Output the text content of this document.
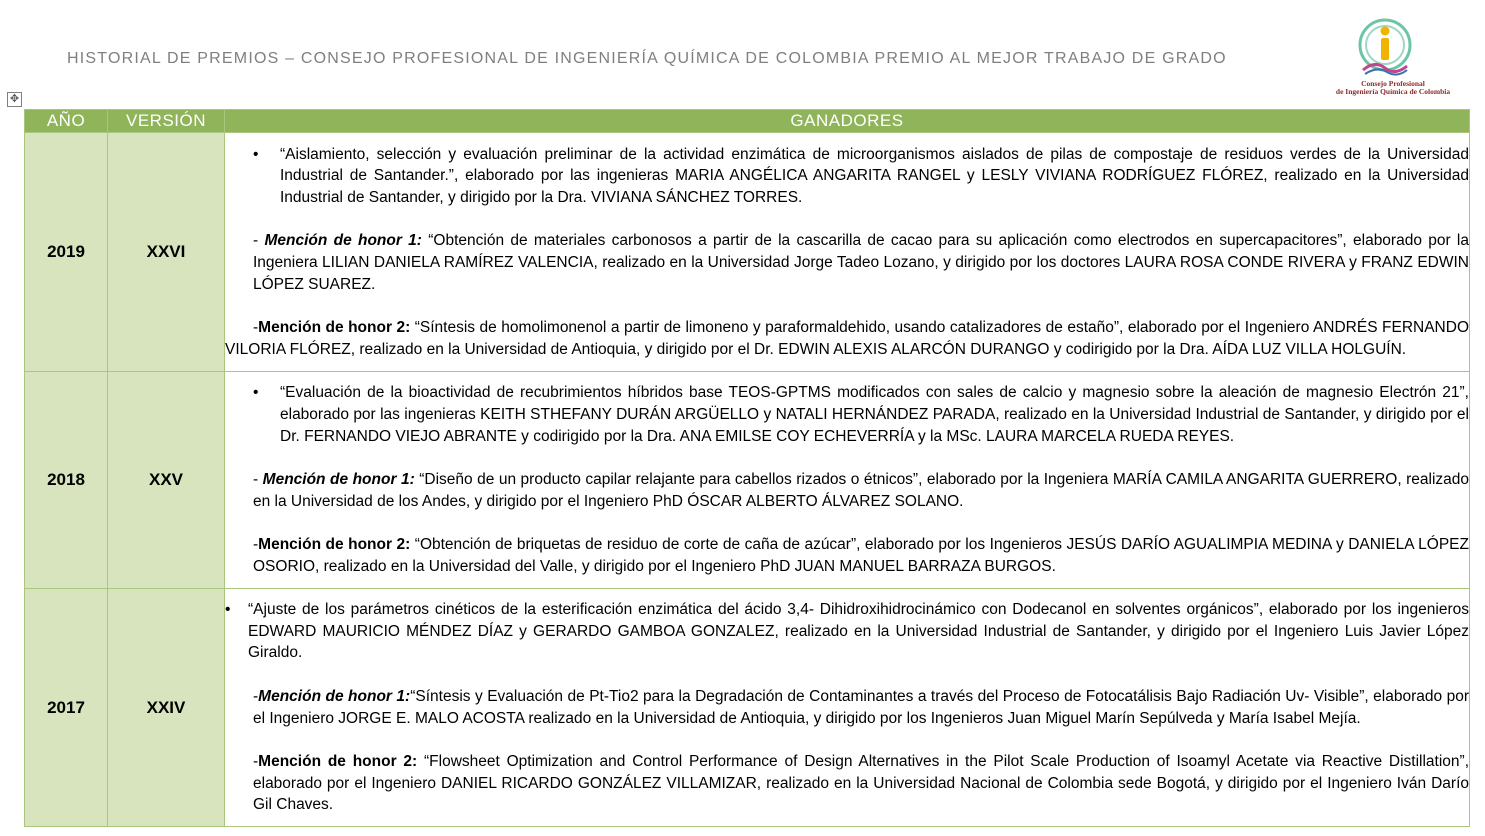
HISTORIAL DE PREMIOS – CONSEJO PROFESIONAL DE INGENIERÍA QUÍMICA DE COLOMBIA PREMIO AL MEJOR TRABAJO DE GRADO
Consejo Profesional
de Ingeniería Química de Colombia
✥
AÑO	VERSIÓN	GANADORES
2019	XXVI	• “Aislamiento, selección y evaluación preliminar de la actividad enzimática de microorganismos aislados de pilas de compostaje de residuos verdes de la Universidad Industrial de Santander.”, elaborado por las ingenieras MARIA ANGÉLICA ANGARITA RANGEL y LESLY VIVIANA RODRÍGUEZ FLÓREZ, realizado en la Universidad Industrial de Santander, y dirigido por la Dra. VIVIANA SÁNCHEZ TORRES.

- Mención de honor 1: “Obtención de materiales carbonosos a partir de la cascarilla de cacao para su aplicación como electrodos en supercapacitores”, elaborado por la Ingeniera LILIAN DANIELA RAMÍREZ VALENCIA, realizado en la Universidad Jorge Tadeo Lozano, y dirigido por los doctores LAURA ROSA CONDE RIVERA y FRANZ EDWIN LÓPEZ SUAREZ.

-Mención de honor 2: “Síntesis de homolimonenol a partir de limoneno y paraformaldehido, usando catalizadores de estaño”, elaborado por el Ingeniero ANDRÉS FERNANDO VILORIA FLÓREZ, realizado en la Universidad de Antioquia, y dirigido por el Dr. EDWIN ALEXIS ALARCÓN DURANGO y codirigido por la Dra. AÍDA LUZ VILLA HOLGUÍN.

2018	XXV	• “Evaluación de la bioactividad de recubrimientos híbridos base TEOS-GPTMS modificados con sales de calcio y magnesio sobre la aleación de magnesio Electrón 21”, elaborado por las ingenieras KEITH STHEFANY DURÁN ARGÜELLO y NATALI HERNÁNDEZ PARADA, realizado en la Universidad Industrial de Santander, y dirigido por el Dr. FERNANDO VIEJO ABRANTE y codirigido por la Dra. ANA EMILSE COY ECHEVERRÍA y la MSc. LAURA MARCELA RUEDA REYES.

- Mención de honor 1: “Diseño de un producto capilar relajante para cabellos rizados o étnicos”, elaborado por la Ingeniera MARÍA CAMILA ANGARITA GUERRERO, realizado en la Universidad de los Andes, y dirigido por el Ingeniero PhD ÓSCAR ALBERTO ÁLVAREZ SOLANO.

-Mención de honor 2: “Obtención de briquetas de residuo de corte de caña de azúcar”, elaborado por los Ingenieros JESÚS DARÍO AGUALIMPIA MEDINA y DANIELA LÓPEZ OSORIO, realizado en la Universidad del Valle, y dirigido por el Ingeniero PhD JUAN MANUEL BARRAZA BURGOS.

2017	XXIV	• “Ajuste de los parámetros cinéticos de la esterificación enzimática del ácido 3,4- Dihidroxihidrocinámico con Dodecanol en solventes orgánicos”, elaborado por los ingenieros EDWARD MAURICIO MÉNDEZ DÍAZ y GERARDO GAMBOA GONZALEZ, realizado en la Universidad Industrial de Santander, y dirigido por el Ingeniero Luis Javier López Giraldo.

-Mención de honor 1:“Síntesis y Evaluación de Pt-Tio2 para la Degradación de Contaminantes a través del Proceso de Fotocatálisis Bajo Radiación Uv- Visible”, elaborado por el Ingeniero JORGE E. MALO ACOSTA realizado en la Universidad de Antioquia, y dirigido por los Ingenieros Juan Miguel Marín Sepúlveda y María Isabel Mejía.

-Mención de honor 2: “Flowsheet Optimization and Control Performance of Design Alternatives in the Pilot Scale Production of Isoamyl Acetate via Reactive Distillation”, elaborado por el Ingeniero DANIEL RICARDO GONZÁLEZ VILLAMIZAR, realizado en la Universidad Nacional de Colombia sede Bogotá, y dirigido por el Ingeniero Iván Darío Gil Chaves.
